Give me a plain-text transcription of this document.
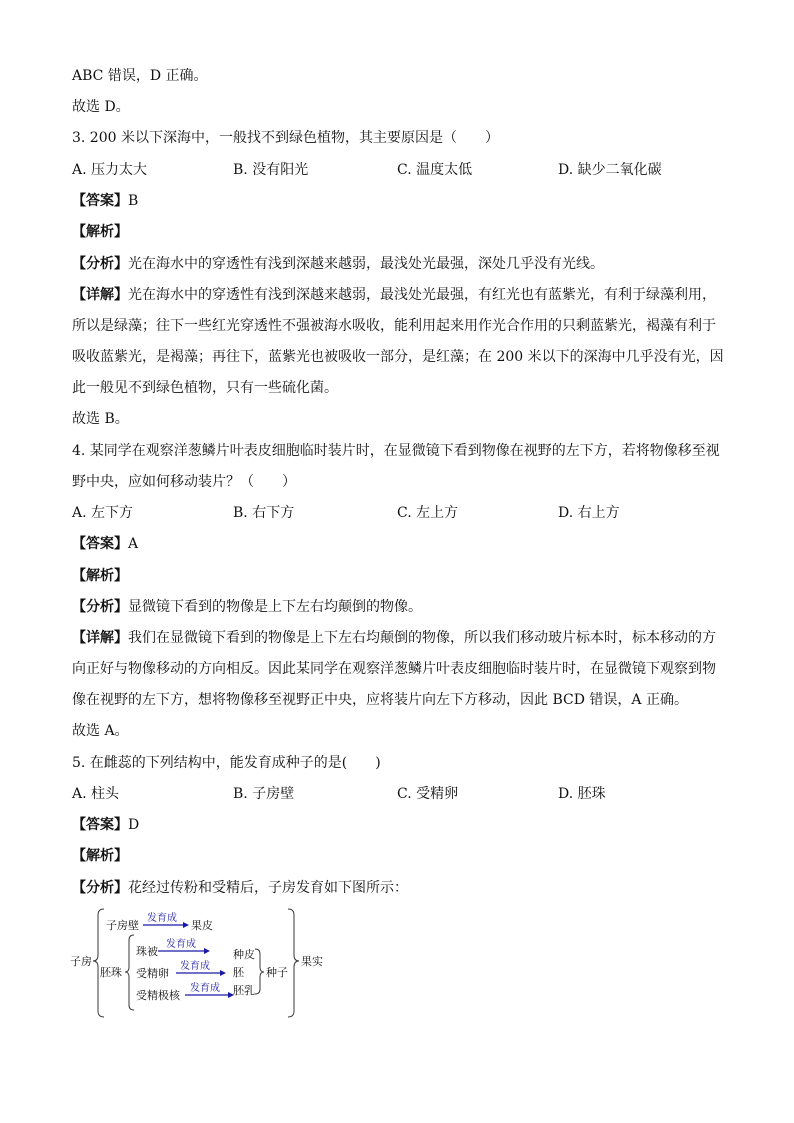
ABC 错误，D 正确。
故选 D。
3. 200 米以下深海中，一般找不到绿色植物，其主要原因是（　　）
A. 压力太大	B. 没有阳光	C. 温度太低	D. 缺少二氧化碳
【答案】B
【解析】
【分析】光在海水中的穿透性有浅到深越来越弱，最浅处光最强，深处几乎没有光线。
【详解】光在海水中的穿透性有浅到深越来越弱，最浅处光最强，有红光也有蓝紫光，有利于绿藻利用，
所以是绿藻；往下一些红光穿透性不强被海水吸收，能利用起来用作光合作用的只剩蓝紫光，褐藻有利于
吸收蓝紫光，是褐藻；再往下，蓝紫光也被吸收一部分，是红藻；在 200 米以下的深海中几乎没有光，因
此一般见不到绿色植物，只有一些硫化菌。
故选 B。
4. 某同学在观察洋葱鳞片叶表皮细胞临时装片时，在显微镜下看到物像在视野的左下方，若将物像移至视
野中央，应如何移动装片？（　　）
A. 左下方	B. 右下方	C. 左上方	D. 右上方
【答案】A
【解析】
【分析】显微镜下看到的物像是上下左右均颠倒的物像。
【详解】我们在显微镜下看到的物像是上下左右均颠倒的物像，所以我们移动玻片标本时，标本移动的方
向正好与物像移动的方向相反。因此某同学在观察洋葱鳞片叶表皮细胞临时装片时，在显微镜下观察到物
像在视野的左下方，想将物像移至视野正中央，应将装片向左下方移动，因此 BCD 错误，A 正确。
故选 A。
5. 在雌蕊的下列结构中，能发育成种子的是(　　)
A. 柱头	B. 子房壁	C. 受精卵	D. 胚珠
【答案】D
【解析】
【分析】花经过传粉和受精后，子房发育如下图所示：
子房
子房壁
发育成
果皮
胚珠
珠被
发育成
受精卵
发育成
受精极核
发育成
种皮
胚
胚乳
种子
果实
